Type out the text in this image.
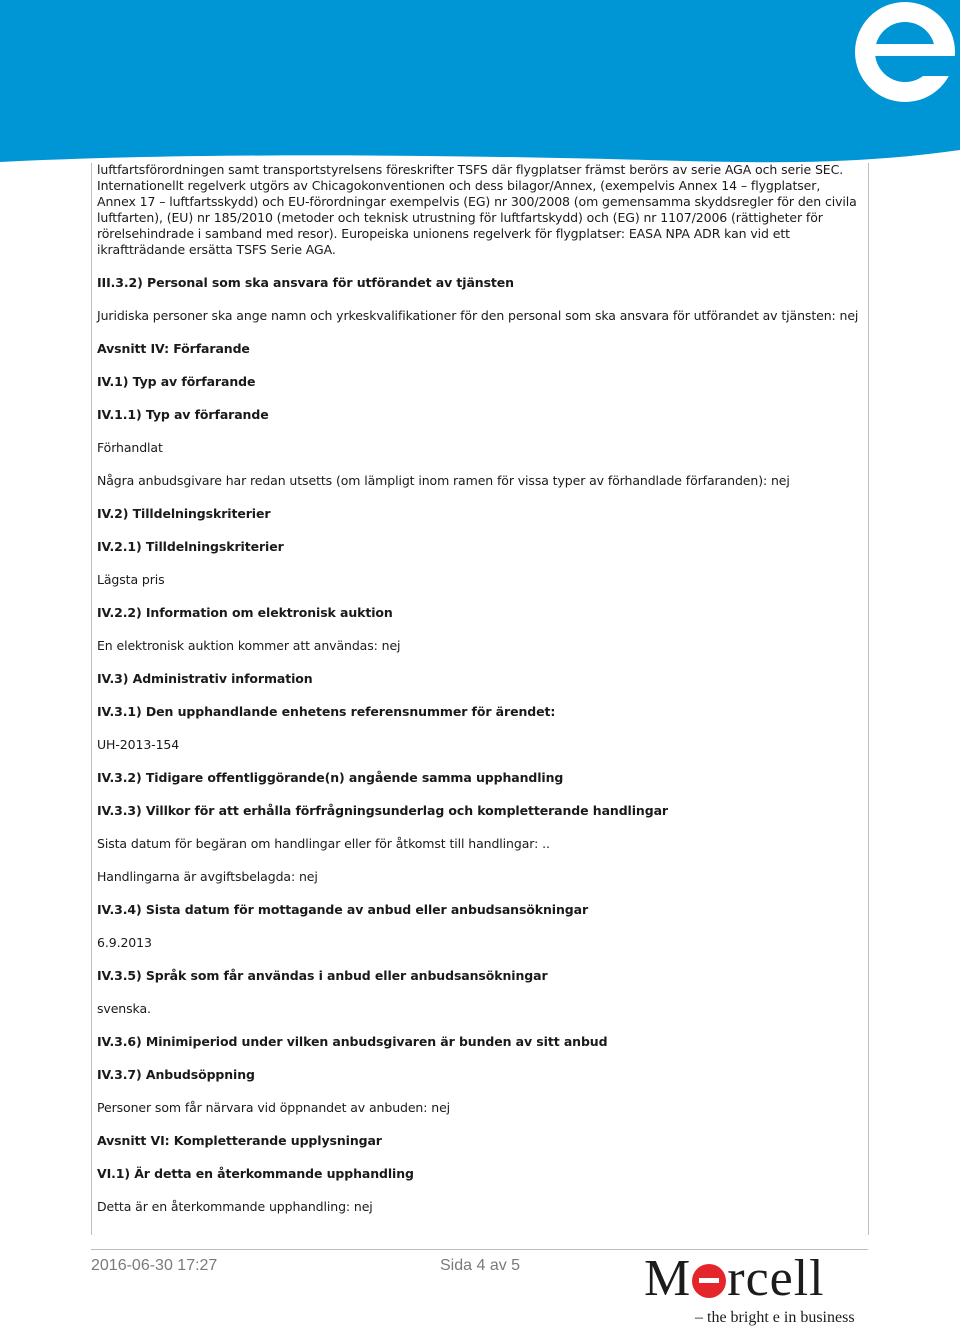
luftfartsförordningen samt transportstyrelsens föreskrifter TSFS där flygplatser främst berörs av serie AGA och serie SEC. Internationellt regelverk utgörs av Chicagokonventionen och dess bilagor/Annex, (exempelvis Annex 14 – flygplatser, Annex 17 – luftfartsskydd) och EU-förordningar exempelvis (EG) nr 300/2008 (om gemensamma skyddsregler för den civila luftfarten), (EU) nr 185/2010 (metoder och teknisk utrustning för luftfartskydd) och (EG) nr 1107/2006 (rättigheter för rörelsehindrade i samband med resor). Europeiska unionens regelverk för flygplatser: EASA NPA ADR kan vid ett ikraftträdande ersätta TSFS Serie AGA.

III.3.2) Personal som ska ansvara för utförandet av tjänsten

Juridiska personer ska ange namn och yrkeskvalifikationer för den personal som ska ansvara för utförandet av tjänsten: nej

Avsnitt IV: Förfarande

IV.1) Typ av förfarande

IV.1.1) Typ av förfarande

Förhandlat

Några anbudsgivare har redan utsetts (om lämpligt inom ramen för vissa typer av förhandlade förfaranden): nej

IV.2) Tilldelningskriterier

IV.2.1) Tilldelningskriterier

Lägsta pris

IV.2.2) Information om elektronisk auktion

En elektronisk auktion kommer att användas: nej

IV.3) Administrativ information

IV.3.1) Den upphandlande enhetens referensnummer för ärendet:

UH-2013-154

IV.3.2) Tidigare offentliggörande(n) angående samma upphandling

IV.3.3) Villkor för att erhålla förfrågningsunderlag och kompletterande handlingar

Sista datum för begäran om handlingar eller för åtkomst till handlingar: ..

Handlingarna är avgiftsbelagda: nej

IV.3.4) Sista datum för mottagande av anbud eller anbudsansökningar

6.9.2013

IV.3.5) Språk som får användas i anbud eller anbudsansökningar

svenska.

IV.3.6) Minimiperiod under vilken anbudsgivaren är bunden av sitt anbud

IV.3.7) Anbudsöppning

Personer som får närvara vid öppnandet av anbuden: nej

Avsnitt VI: Kompletterande upplysningar

VI.1) Är detta en återkommande upphandling

Detta är en återkommande upphandling: nej

2016-06-30 17:27	Sida 4 av 5 M rcell
– the bright e in business
